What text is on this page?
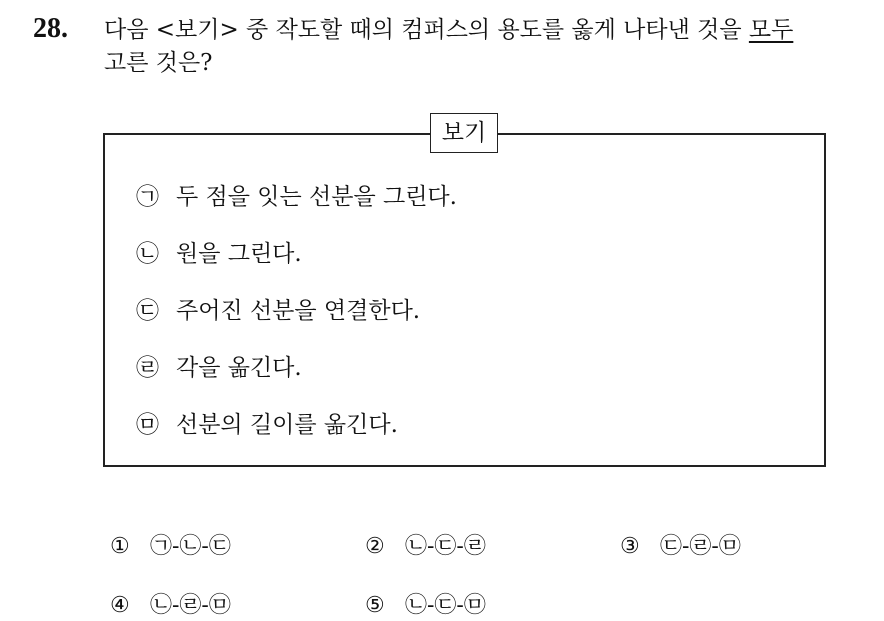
28. 다음 <보기> 중 작도할 때의 컴퍼스의 용도를 옳게 나타낸 것을 모두
고른 것은?
보기
㉠ 두 점을 잇는 선분을 그린다.
㉡ 원을 그린다.
㉢ 주어진 선분을 연결한다.
㉣ 각을 옮긴다.
㉤ 선분의 길이를 옮긴다.
① ㉠-㉡-㉢	② ㉡-㉢-㉣	③ ㉢-㉣-㉤
④ ㉡-㉣-㉤	⑤ ㉡-㉢-㉤
